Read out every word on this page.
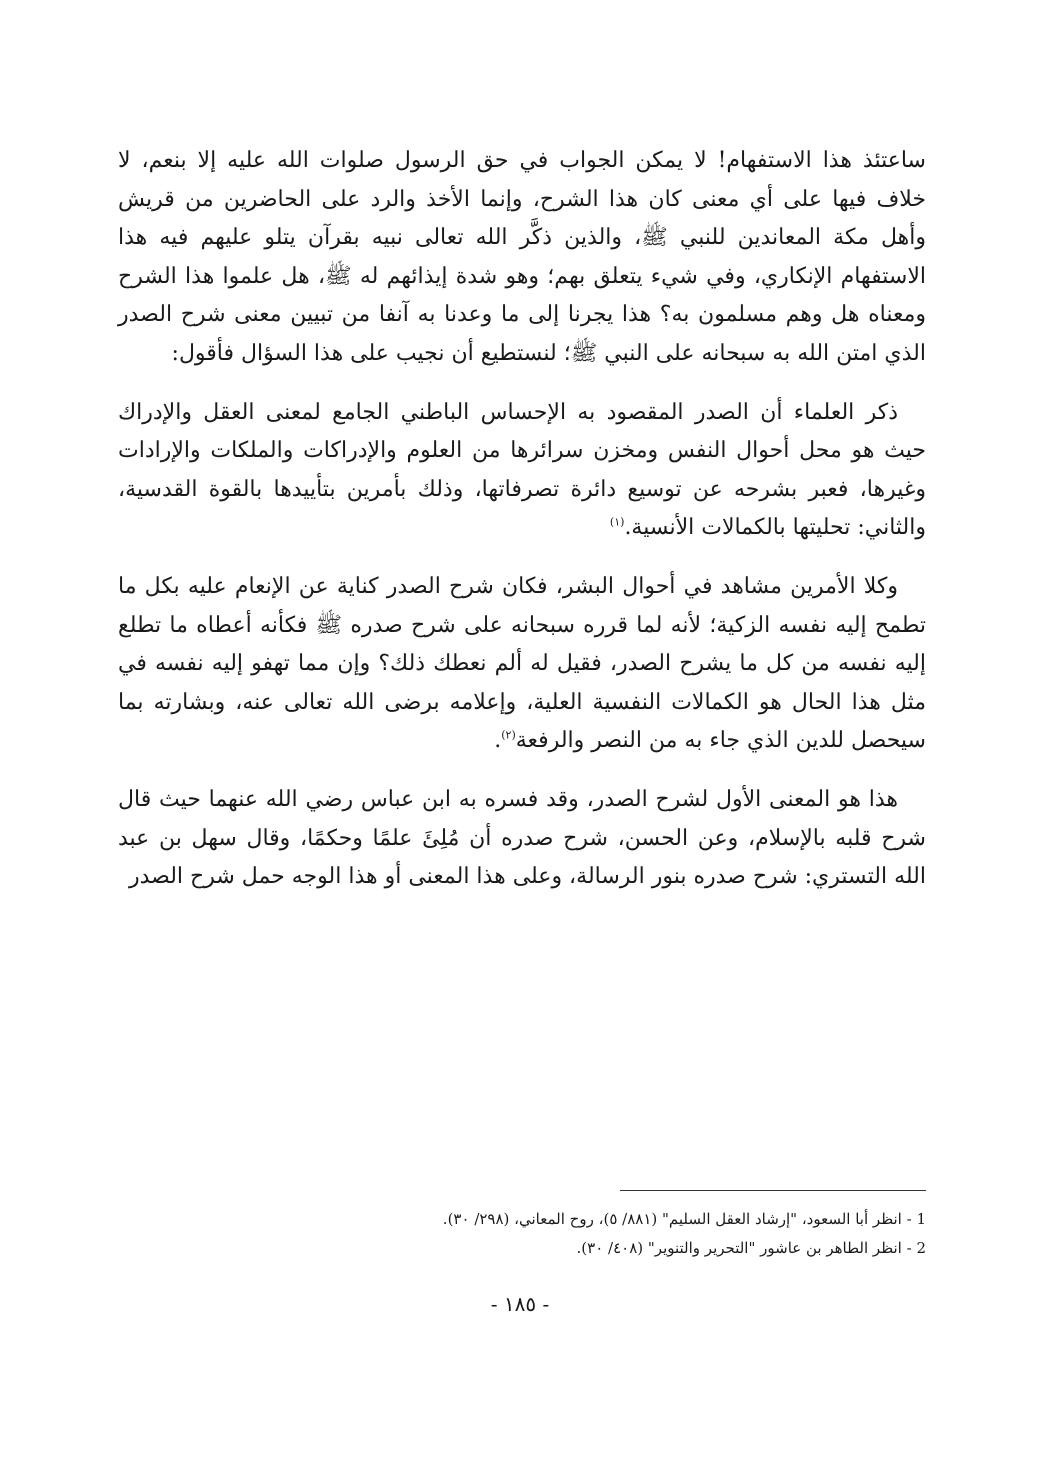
ساعتئذ هذا الاستفهام! لا يمكن الجواب في حق الرسول صلوات الله عليه إلا بنعم، لا خلاف فيها على أي معنى كان هذا الشرح، وإنما الأخذ والرد على الحاضرين من قريش وأهل مكة المعاندين للنبي ﷺ، والذين ذكَّر الله تعالى نبيه بقرآن يتلو عليهم فيه هذا الاستفهام الإنكاري، وفي شيء يتعلق بهم؛ وهو شدة إيذائهم له ﷺ، هل علموا هذا الشرح ومعناه هل وهم مسلمون به؟ هذا يجرنا إلى ما وعدنا به آنفا من تبيين معنى شرح الصدر الذي امتن الله به سبحانه على النبي ﷺ؛ لنستطيع أن نجيب على هذا السؤال فأقول:

ذكر العلماء أن الصدر المقصود به الإحساس الباطني الجامع لمعنى العقل والإدراك حيث هو محل أحوال النفس ومخزن سرائرها من العلوم والإدراكات والملكات والإرادات وغيرها، فعبر بشرحه عن توسيع دائرة تصرفاتها، وذلك بأمرين بتأييدها بالقوة القدسية، والثاني: تحليتها بالكمالات الأنسية.$^{(١)}$

وكلا الأمرين مشاهد في أحوال البشر، فكان شرح الصدر كناية عن الإنعام عليه بكل ما تطمح إليه نفسه الزكية؛ لأنه لما قرره سبحانه على شرح صدره ﷺ فكأنه أعطاه ما تطلع إليه نفسه من كل ما يشرح الصدر، فقيل له ألم نعطك ذلك؟ وإن مما تهفو إليه نفسه في مثل هذا الحال هو الكمالات النفسية العلية، وإعلامه برضى الله تعالى عنه، وبشارته بما سيحصل للدين الذي جاء به من النصر والرفعة$^{(٢)}$.

هذا هو المعنى الأول لشرح الصدر، وقد فسره به ابن عباس رضي الله عنهما حيث قال شرح قلبه بالإسلام، وعن الحسن، شرح صدره أن مُلِئَ علمًا وحكمًا، وقال سهل بن عبد الله التستري: شرح صدره بنور الرسالة، وعلى هذا المعنى أو هذا الوجه حمل شرح الصدر

1 - انظر أبا السعود، "إرشاد العقل السليم" (٨٨١/ ٥)، روح المعاني، (٢٩٨/ ٣٠).

2 - انظر الطاهر بن عاشور "التحرير والتنوير" (٤٠٨/ ٣٠).

- ١٨٥ -
